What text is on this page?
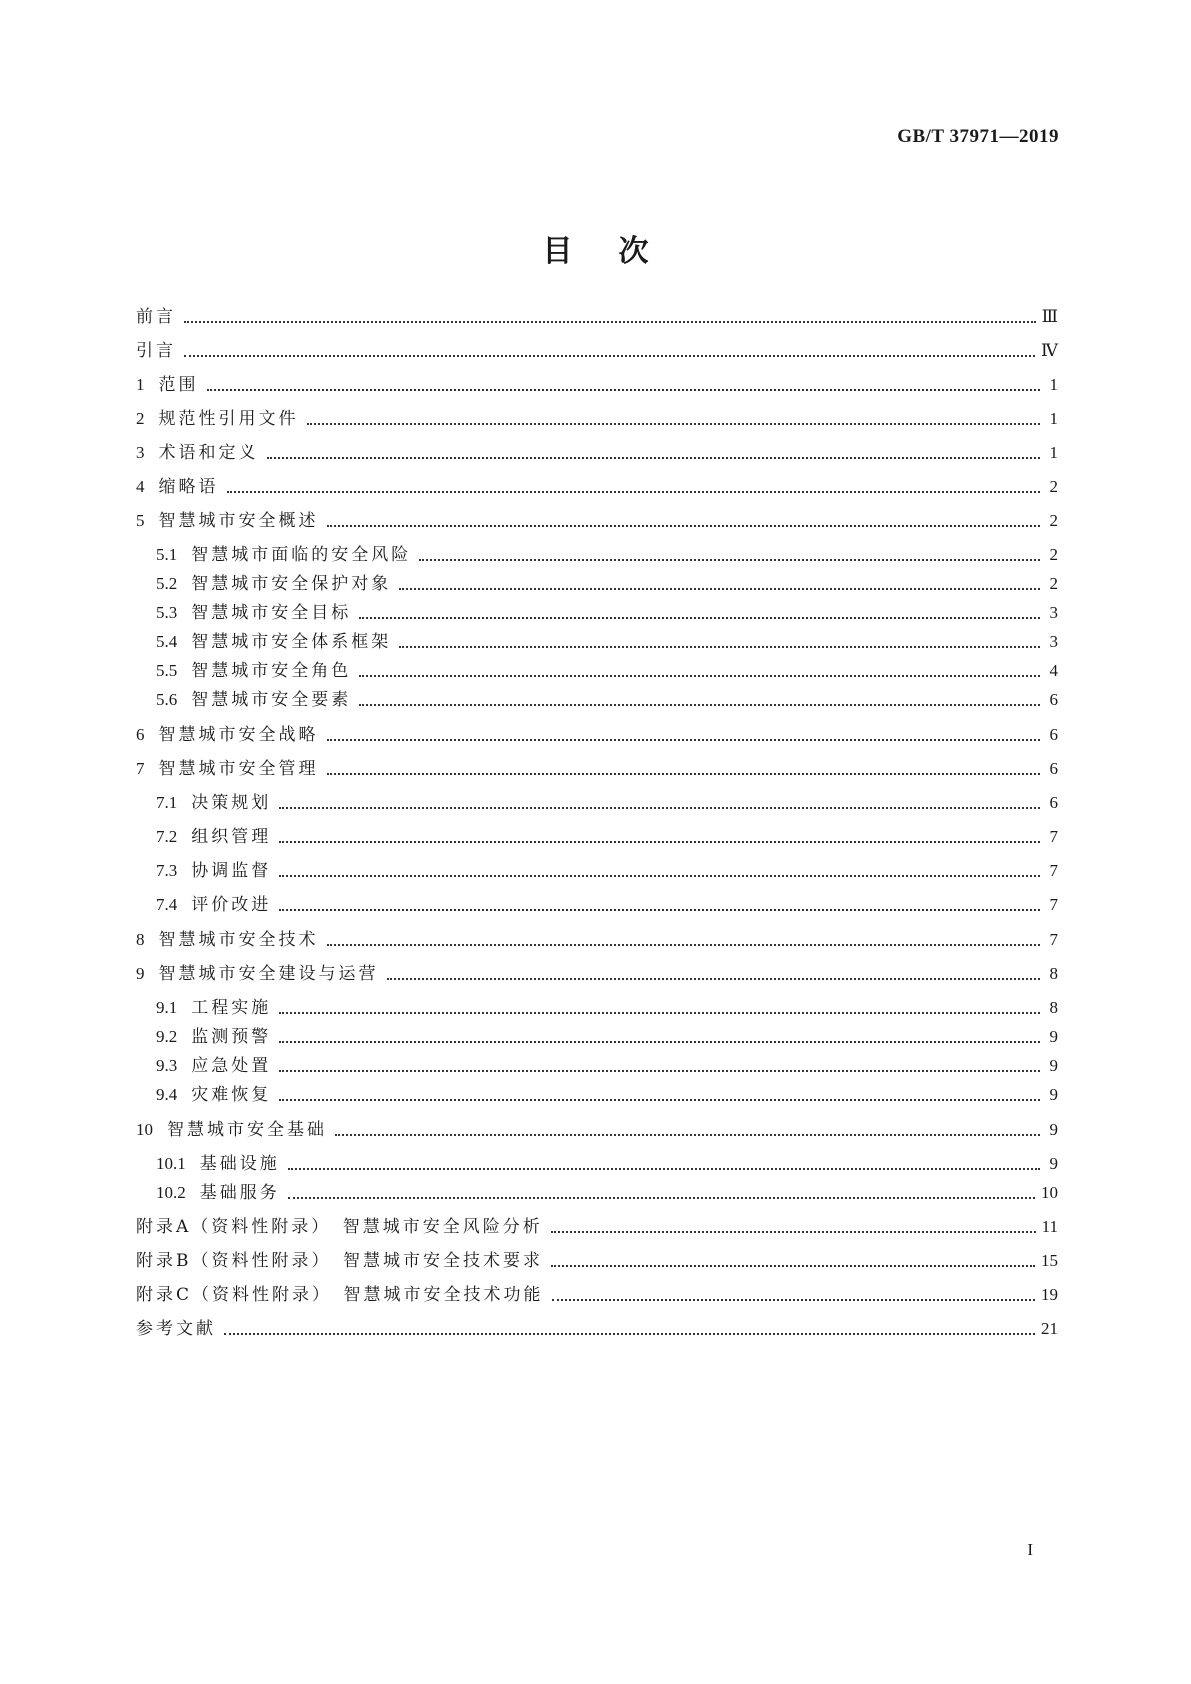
GB/T 37971—2019
目次
前言	Ⅲ
引言	Ⅳ
1 范围	1
2 规范性引用文件	1
3 术语和定义	1
4 缩略语	2
5 智慧城市安全概述	2
5.1 智慧城市面临的安全风险	2
5.2 智慧城市安全保护对象	2
5.3 智慧城市安全目标	3
5.4 智慧城市安全体系框架	3
5.5 智慧城市安全角色	4
5.6 智慧城市安全要素	6
6 智慧城市安全战略	6
7 智慧城市安全管理	6
7.1 决策规划	6
7.2 组织管理	7
7.3 协调监督	7
7.4 评价改进	7
8 智慧城市安全技术	7
9 智慧城市安全建设与运营	8
9.1 工程实施	8
9.2 监测预警	9
9.3 应急处置	9
9.4 灾难恢复	9
10 智慧城市安全基础	9
10.1 基础设施	9
10.2 基础服务	10
附录A（资料性附录）　智慧城市安全风险分析	11
附录B（资料性附录）　智慧城市安全技术要求	15
附录C（资料性附录）　智慧城市安全技术功能	19
参考文献	21
I
